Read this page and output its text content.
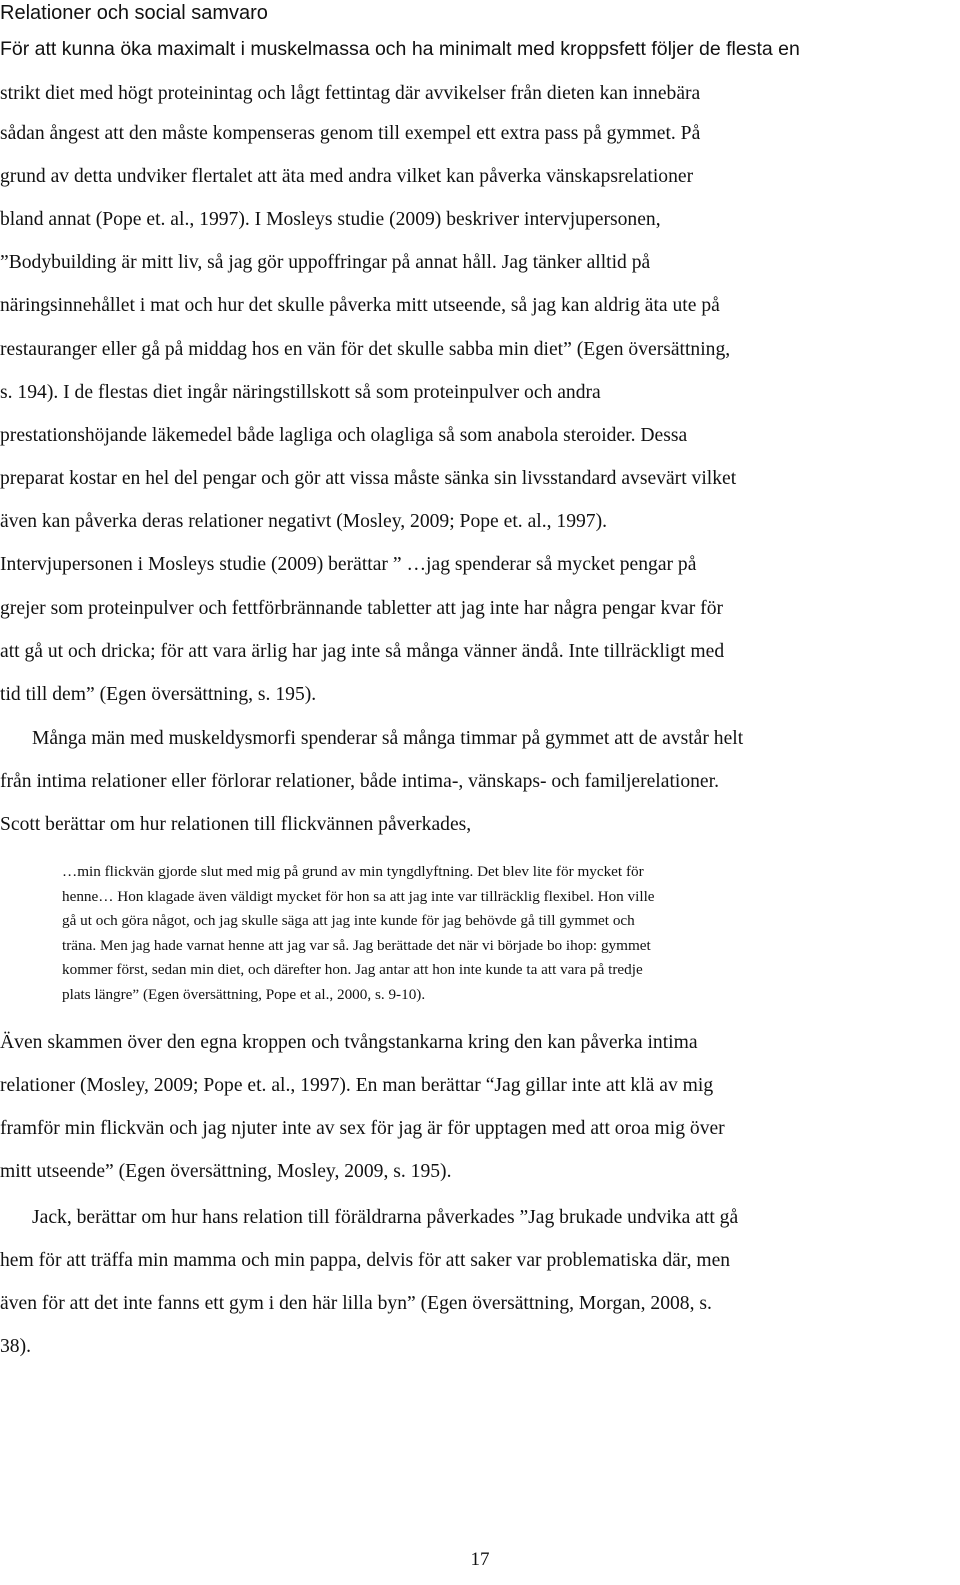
Relationer och social samvaro
För att kunna öka maximalt i muskelmassa och ha minimalt med kroppsfett följer de flesta en
strikt diet med högt proteinintag och lågt fettintag där avvikelser från dieten kan innebära
sådan ångest att den måste kompenseras genom till exempel ett extra pass på gymmet. På
grund av detta undviker flertalet att äta med andra vilket kan påverka vänskapsrelationer
bland annat (Pope et. al., 1997). I Mosleys studie (2009) beskriver intervjupersonen,
”Bodybuilding är mitt liv, så jag gör uppoffringar på annat håll. Jag tänker alltid på
näringsinnehållet i mat och hur det skulle påverka mitt utseende, så jag kan aldrig äta ute på
restauranger eller gå på middag hos en vän för det skulle sabba min diet” (Egen översättning,
s. 194). I de flestas diet ingår näringstillskott så som proteinpulver och andra
prestationshöjande läkemedel både lagliga och olagliga så som anabola steroider. Dessa
preparat kostar en hel del pengar och gör att vissa måste sänka sin livsstandard avsevärt vilket
även kan påverka deras relationer negativt (Mosley, 2009; Pope et. al., 1997).
Intervjupersonen i Mosleys studie (2009) berättar ” …jag spenderar så mycket pengar på
grejer som proteinpulver och fettförbrännande tabletter att jag inte har några pengar kvar för
att gå ut och dricka; för att vara ärlig har jag inte så många vänner ändå. Inte tillräckligt med
tid till dem” (Egen översättning, s. 195).
Många män med muskeldysmorfi spenderar så många timmar på gymmet att de avstår helt
från intima relationer eller förlorar relationer, både intima-, vänskaps- och familjerelationer.
Scott berättar om hur relationen till flickvännen påverkades,
…min flickvän gjorde slut med mig på grund av min tyngdlyftning. Det blev lite för mycket för
henne… Hon klagade även väldigt mycket för hon sa att jag inte var tillräcklig flexibel. Hon ville
gå ut och göra något, och jag skulle säga att jag inte kunde för jag behövde gå till gymmet och
träna. Men jag hade varnat henne att jag var så. Jag berättade det när vi började bo ihop: gymmet
kommer först, sedan min diet, och därefter hon. Jag antar att hon inte kunde ta att vara på tredje
plats längre” (Egen översättning, Pope et al., 2000, s. 9-10).
Även skammen över den egna kroppen och tvångstankarna kring den kan påverka intima
relationer (Mosley, 2009; Pope et. al., 1997). En man berättar “Jag gillar inte att klä av mig
framför min flickvän och jag njuter inte av sex för jag är för upptagen med att oroa mig över
mitt utseende” (Egen översättning, Mosley, 2009, s. 195).
Jack, berättar om hur hans relation till föräldrarna påverkades ”Jag brukade undvika att gå
hem för att träffa min mamma och min pappa, delvis för att saker var problematiska där, men
även för att det inte fanns ett gym i den här lilla byn” (Egen översättning, Morgan, 2008, s.
38).
17
